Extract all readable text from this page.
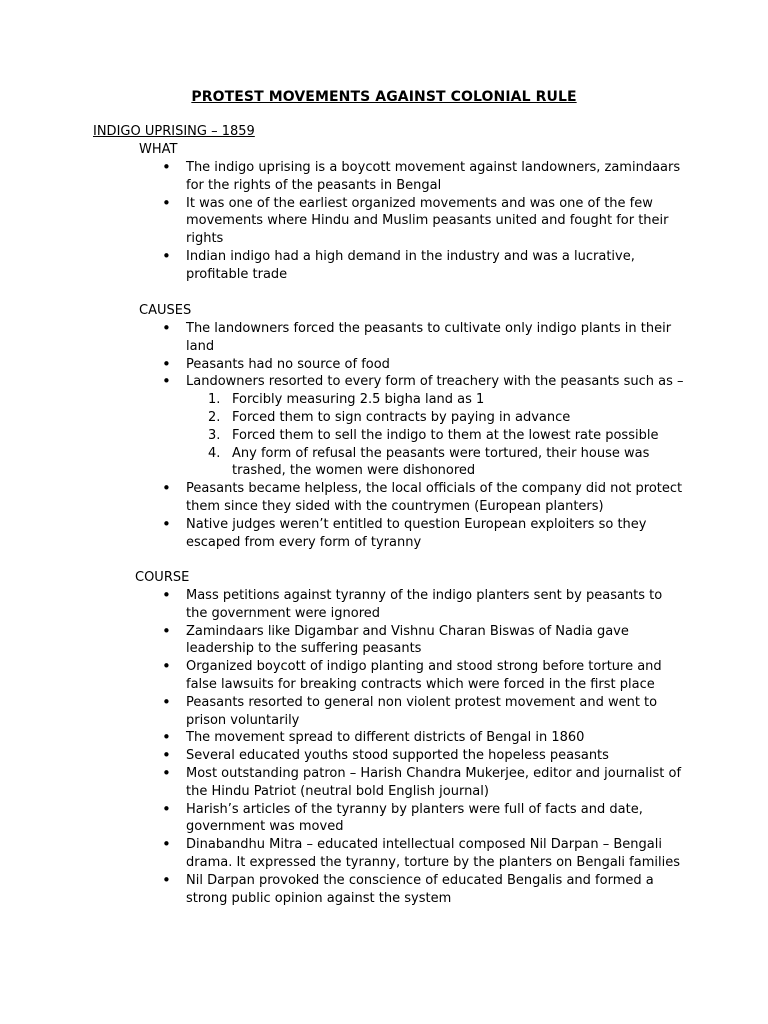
PROTEST MOVEMENTS AGAINST COLONIAL RULE
INDIGO UPRISING – 1859
WHAT
• The indigo uprising is a boycott movement against landowners, zamindaars for the rights of the peasants in Bengal
• It was one of the earliest organized movements and was one of the few movements where Hindu and Muslim peasants united and fought for their rights
• Indian indigo had a high demand in the industry and was a lucrative, profitable trade
CAUSES
• The landowners forced the peasants to cultivate only indigo plants in their land
• Peasants had no source of food
• Landowners resorted to every form of treachery with the peasants such as –
1. Forcibly measuring 2.5 bigha land as 1
2. Forced them to sign contracts by paying in advance
3. Forced them to sell the indigo to them at the lowest rate possible
4. Any form of refusal the peasants were tortured, their house was trashed, the women were dishonored
• Peasants became helpless, the local officials of the company did not protect them since they sided with the countrymen (European planters)
• Native judges weren’t entitled to question European exploiters so they escaped from every form of tyranny
COURSE
• Mass petitions against tyranny of the indigo planters sent by peasants to the government were ignored
• Zamindaars like Digambar and Vishnu Charan Biswas of Nadia gave leadership to the suffering peasants
• Organized boycott of indigo planting and stood strong before torture and false lawsuits for breaking contracts which were forced in the first place
• Peasants resorted to general non violent protest movement and went to prison voluntarily
• The movement spread to different districts of Bengal in 1860
• Several educated youths stood supported the hopeless peasants
• Most outstanding patron – Harish Chandra Mukerjee, editor and journalist of the Hindu Patriot (neutral bold English journal)
• Harish’s articles of the tyranny by planters were full of facts and date, government was moved
• Dinabandhu Mitra – educated intellectual composed Nil Darpan – Bengali drama. It expressed the tyranny, torture by the planters on Bengali families
• Nil Darpan provoked the conscience of educated Bengalis and formed a strong public opinion against the system
